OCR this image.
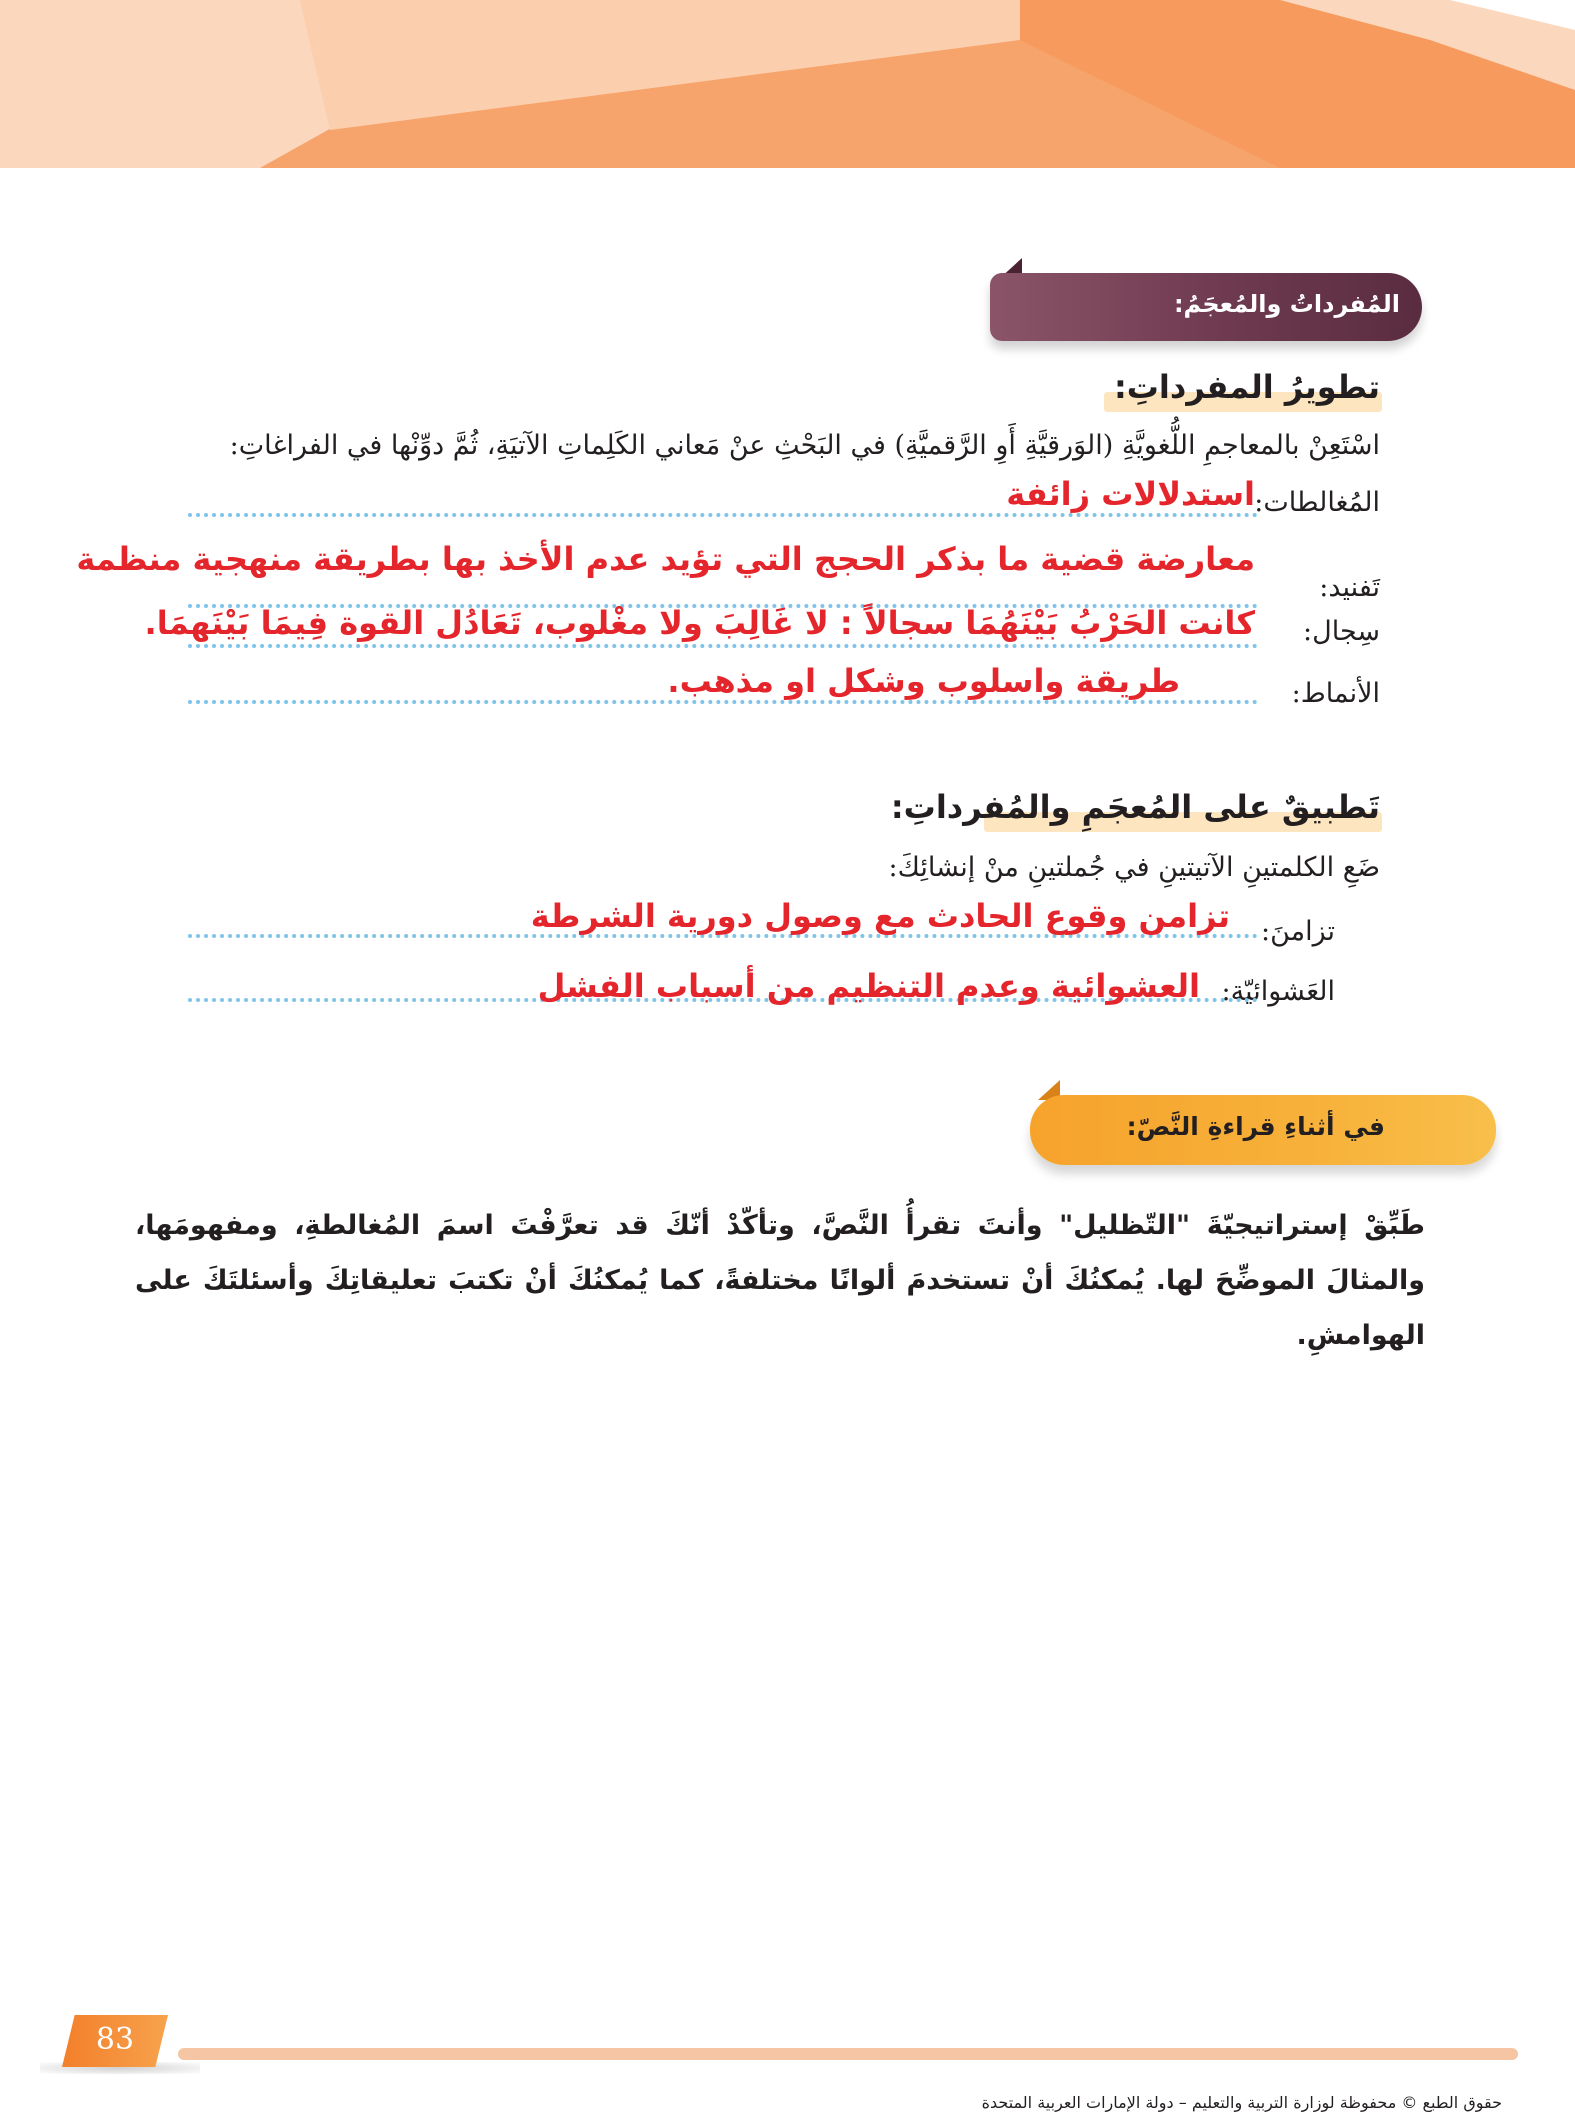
المُفرداتُ والمُعجَمُ:
تطويرُ المفرداتِ:
اسْتَعِنْ بالمعاجمِ اللُّغويَّةِ (الوَرقيَّةِ أَوِ الرَّقميَّةِ) في البَحْثِ عنْ مَعاني الكَلِماتِ الآتيَةِ، ثُمَّ دوِّنْها في الفراغاتِ:
المُغالطات:
استدلالات زائفة
تَفنيد:
معارضة قضية ما بذكر الحجج التي تؤيد عدم الأخذ بها بطريقة منهجية منظمة
سِجال:
كانت الحَرْبُ بَيْنَهُمَا سجالاً : لا غَالِبَ ولا مغْلوب، تَعَادُل القوة فِيمَا بَيْنَهمَا.
الأنماط:
طريقة واسلوب وشكل او مذهب.
تَطبيقٌ على المُعجَمِ والمُفرداتِ:
ضَعِ الكلمتينِ الآتيتينِ في جُملتينِ منْ إنشائِكَ:
تزامنَ:
تزامن وقوع الحادث مع وصول دورية الشرطة
العَشوائيّة:
العشوائية وعدم التنظيم من أسباب الفشل
في أثناءِ قراءةِ النَّصّ:
طَبِّقْ إستراتيجيّةَ "التّظليل" وأنتَ تقرأُ النَّصَّ، وتأكّدْ أنّكَ قد تعرَّفْتَ اسمَ المُغالطةِ، ومفهومَها، والمثالَ الموضِّحَ لها. يُمكنُكَ أنْ تستخدمَ ألوانًا مختلفةً، كما يُمكنُكَ أنْ تكتبَ تعليقاتِكَ وأسئلتَكَ على الهوامشِ.
83
حقوق الطبع © محفوظة لوزارة التربية والتعليم – دولة الإمارات العربية المتحدة
